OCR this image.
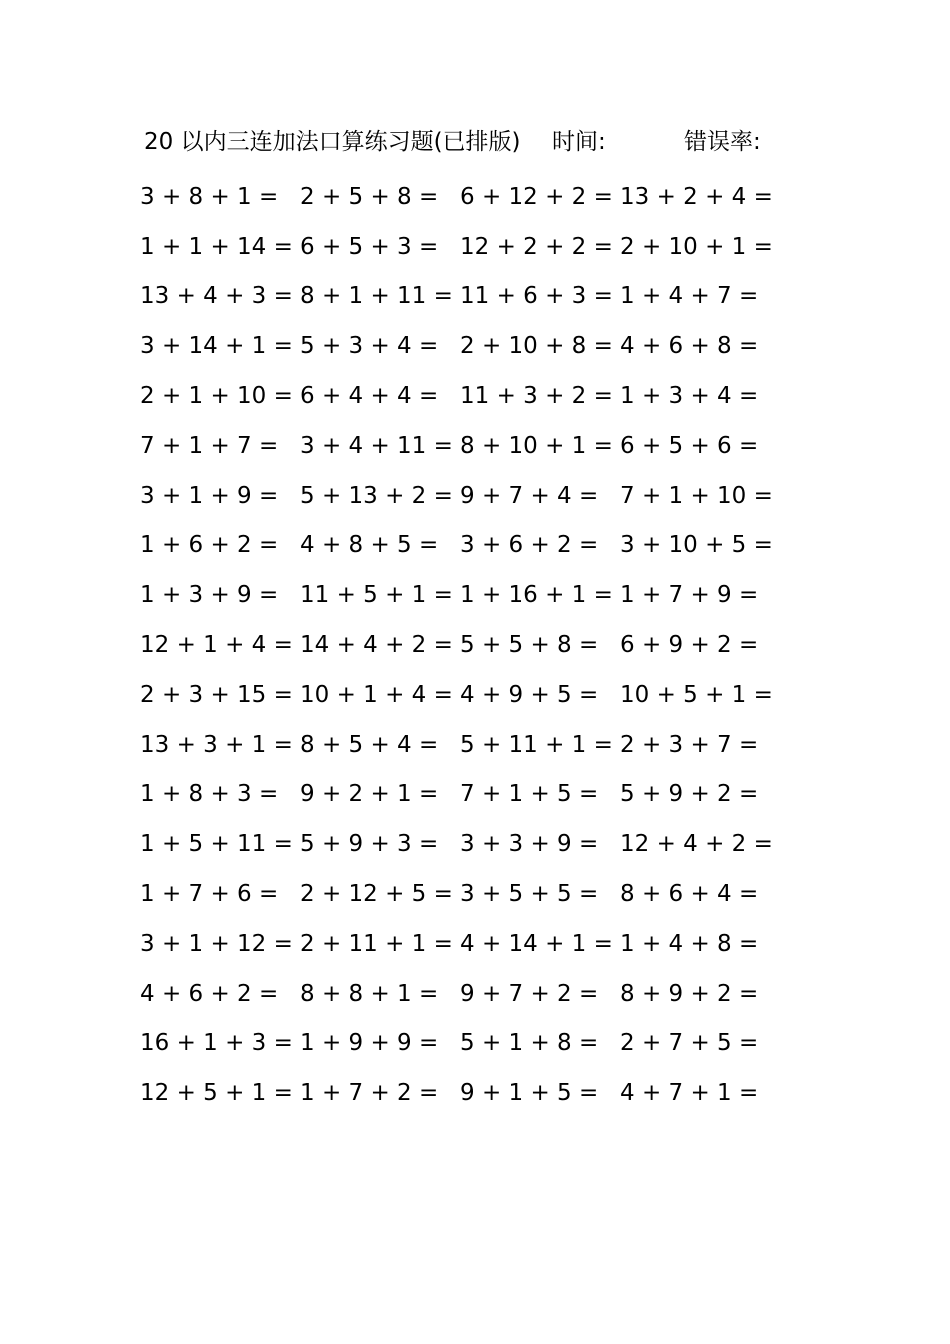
20 以内三连加法口算练习题(已排版) 时间:	错误率:
3 + 8 + 1 = 2 + 5 + 8 = 6 + 12 + 2 = 13 + 2 + 4 =
1 + 1 + 14 = 6 + 5 + 3 = 12 + 2 + 2 = 2 + 10 + 1 =
13 + 4 + 3 = 8 + 1 + 11 = 11 + 6 + 3 = 1 + 4 + 7 =
3 + 14 + 1 = 5 + 3 + 4 = 2 + 10 + 8 = 4 + 6 + 8 =
2 + 1 + 10 = 6 + 4 + 4 = 11 + 3 + 2 = 1 + 3 + 4 =
7 + 1 + 7 = 3 + 4 + 11 = 8 + 10 + 1 = 6 + 5 + 6 =
3 + 1 + 9 = 5 + 13 + 2 = 9 + 7 + 4 = 7 + 1 + 10 =
1 + 6 + 2 = 4 + 8 + 5 = 3 + 6 + 2 = 3 + 10 + 5 =
1 + 3 + 9 = 11 + 5 + 1 = 1 + 16 + 1 = 1 + 7 + 9 =
12 + 1 + 4 = 14 + 4 + 2 = 5 + 5 + 8 = 6 + 9 + 2 =
2 + 3 + 15 = 10 + 1 + 4 = 4 + 9 + 5 = 10 + 5 + 1 =
13 + 3 + 1 = 8 + 5 + 4 = 5 + 11 + 1 = 2 + 3 + 7 =
1 + 8 + 3 = 9 + 2 + 1 = 7 + 1 + 5 = 5 + 9 + 2 =
1 + 5 + 11 = 5 + 9 + 3 = 3 + 3 + 9 = 12 + 4 + 2 =
1 + 7 + 6 = 2 + 12 + 5 = 3 + 5 + 5 = 8 + 6 + 4 =
3 + 1 + 12 = 2 + 11 + 1 = 4 + 14 + 1 = 1 + 4 + 8 =
4 + 6 + 2 = 8 + 8 + 1 = 9 + 7 + 2 = 8 + 9 + 2 =
16 + 1 + 3 = 1 + 9 + 9 = 5 + 1 + 8 = 2 + 7 + 5 =
12 + 5 + 1 = 1 + 7 + 2 = 9 + 1 + 5 = 4 + 7 + 1 =
